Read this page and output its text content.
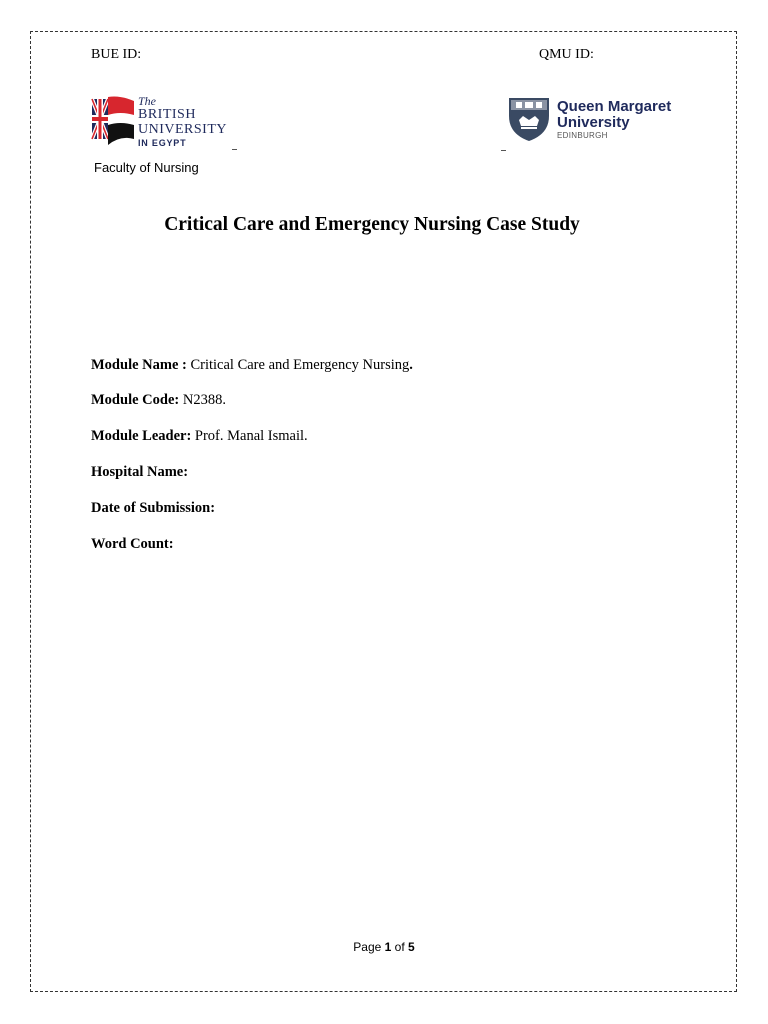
BUE ID:	QMU ID:
The
BRITISH
UNIVERSITY
IN EGYPT
Faculty of Nursing
Queen Margaret
University
EDINBURGH
Critical Care and Emergency Nursing Case Study
Module Name : Critical Care and Emergency Nursing.
Module Code: N2388.
Module Leader: Prof. Manal Ismail.
Hospital Name:
Date of Submission:
Word Count:
Page 1 of 5
